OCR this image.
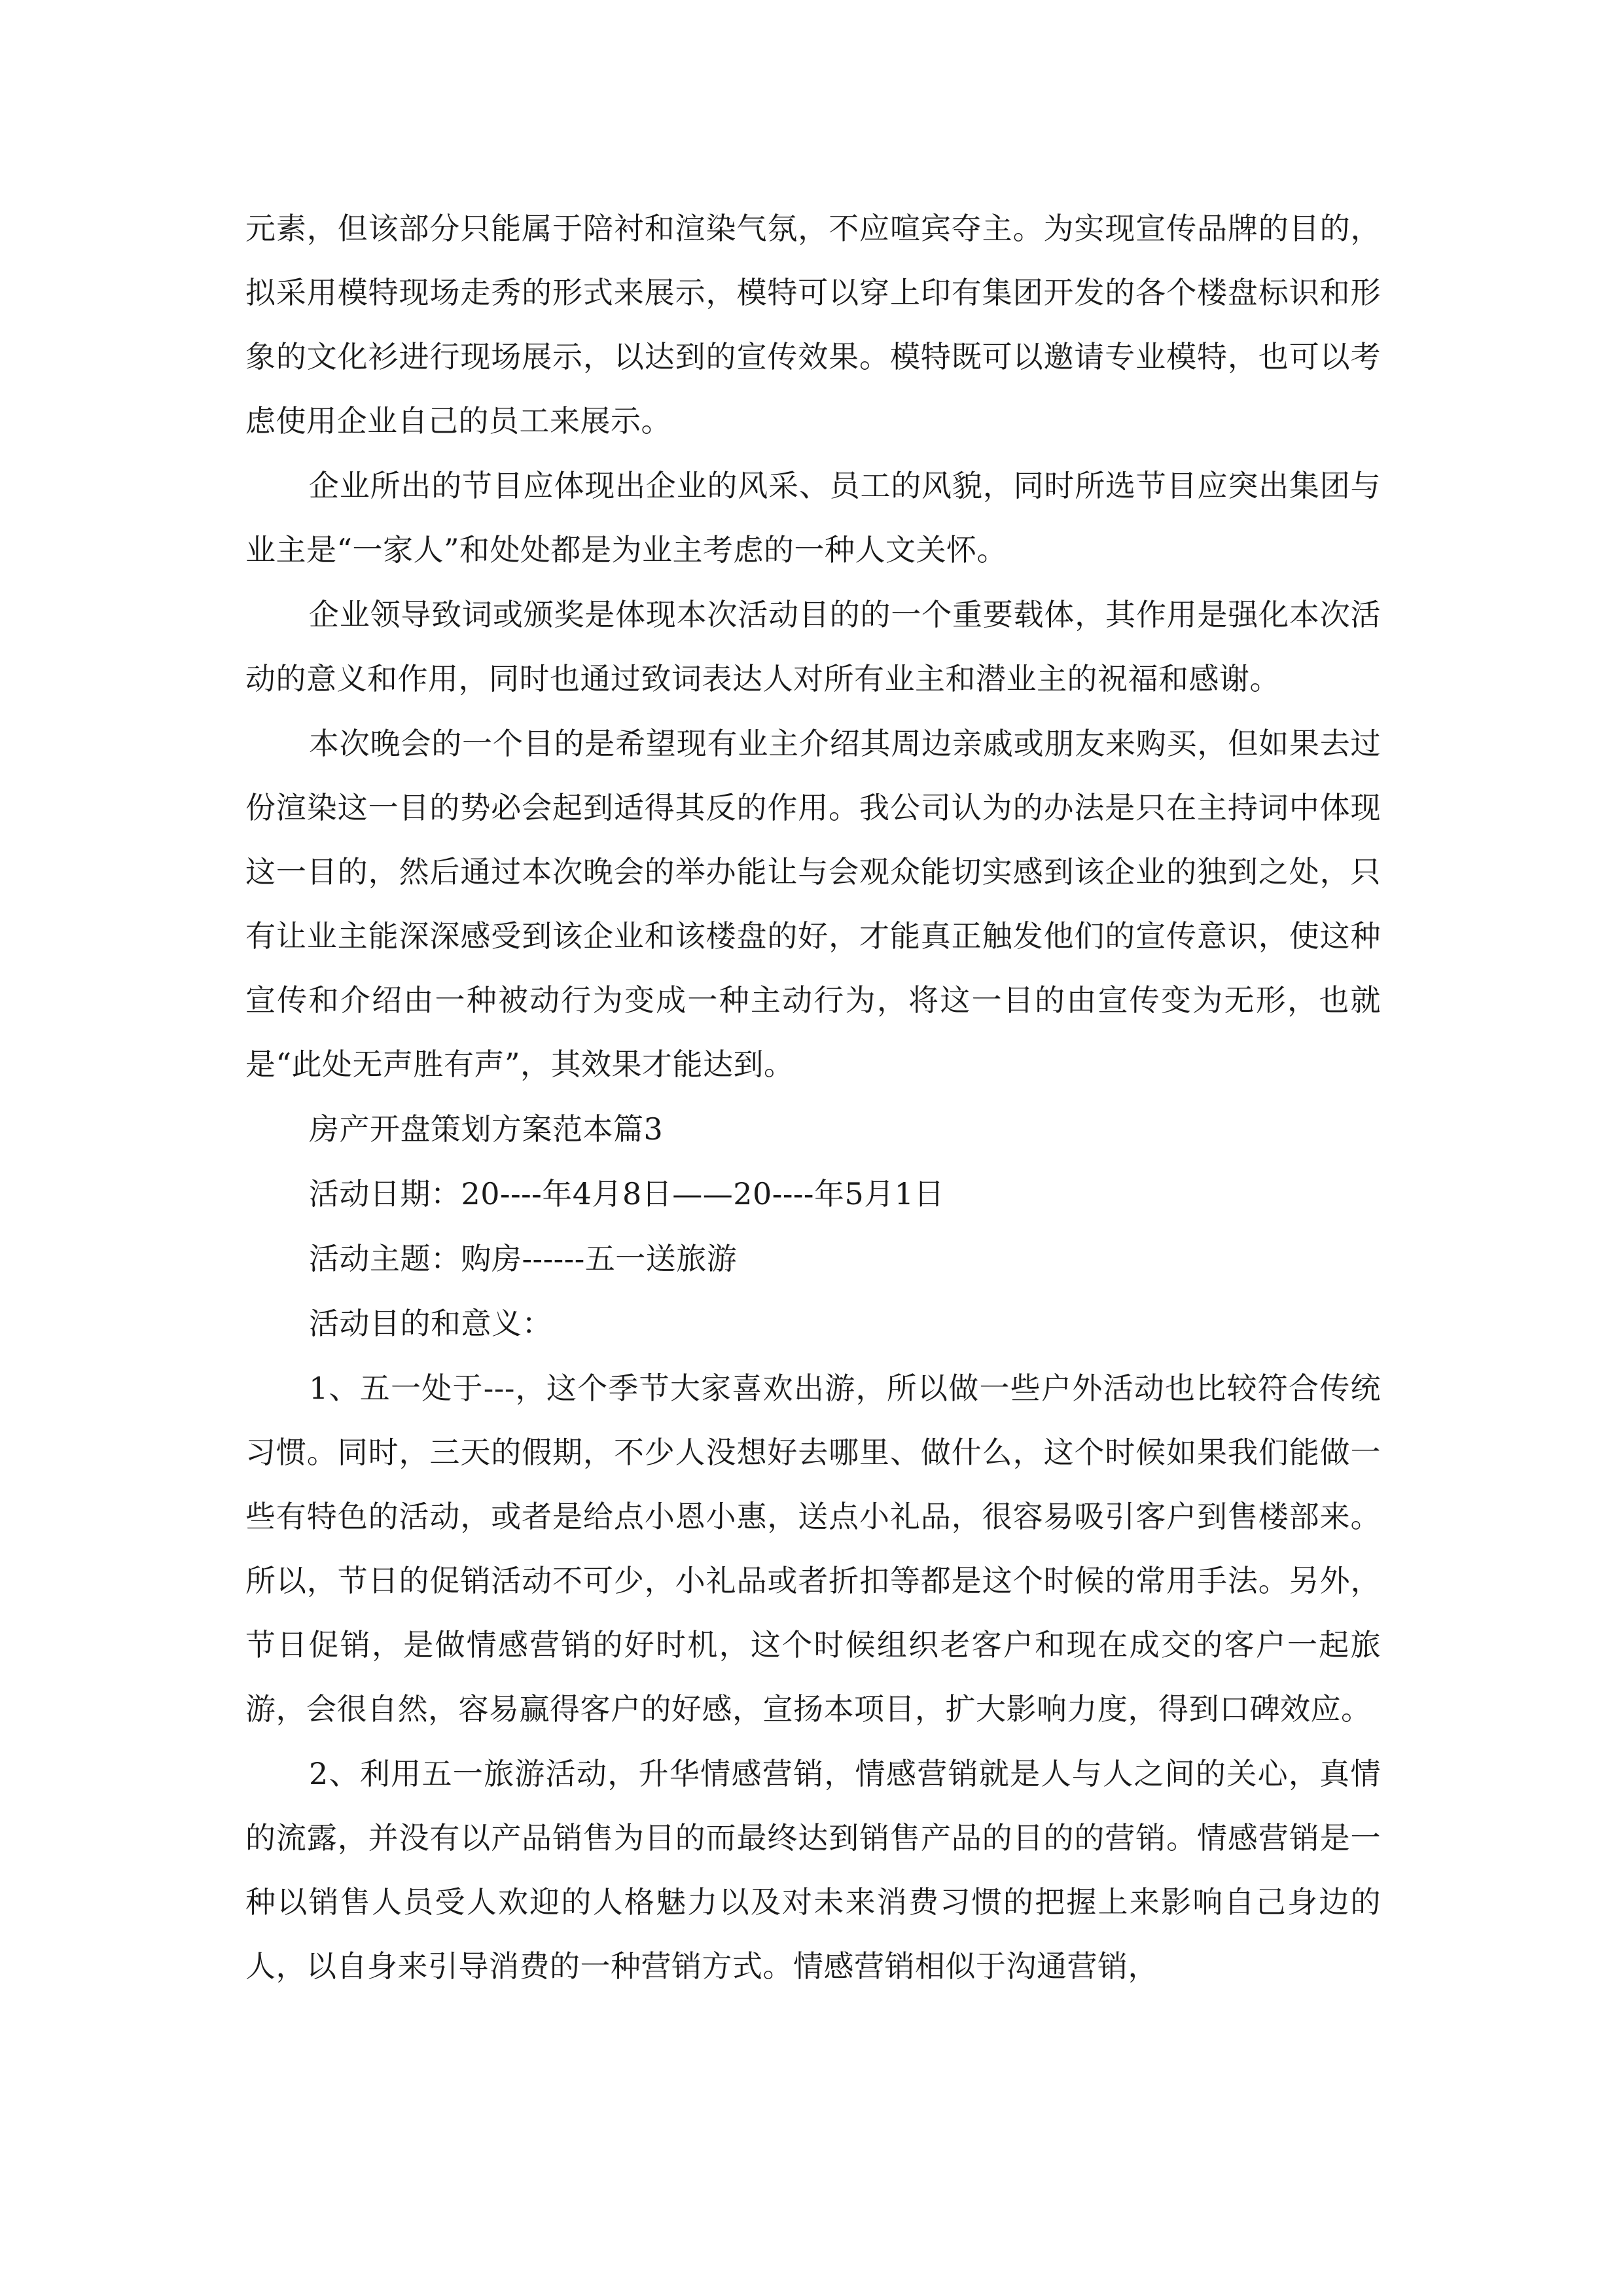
元素，但该部分只能属于陪衬和渲染气氛，不应喧宾夺主。为实现宣传品牌的目的，拟采用模特现场走秀的形式来展示，模特可以穿上印有集团开发的各个楼盘标识和形象的文化衫进行现场展示，以达到的宣传效果。模特既可以邀请专业模特，也可以考虑使用企业自己的员工来展示。

企业所出的节目应体现出企业的风采、员工的风貌，同时所选节目应突出集团与业主是“一家人”和处处都是为业主考虑的一种人文关怀。

企业领导致词或颁奖是体现本次活动目的的一个重要载体，其作用是强化本次活动的意义和作用，同时也通过致词表达人对所有业主和潜业主的祝福和感谢。

本次晚会的一个目的是希望现有业主介绍其周边亲戚或朋友来购买，但如果去过份渲染这一目的势必会起到适得其反的作用。我公司认为的办法是只在主持词中体现这一目的，然后通过本次晚会的举办能让与会观众能切实感到该企业的独到之处，只有让业主能深深感受到该企业和该楼盘的好，才能真正触发他们的宣传意识，使这种宣传和介绍由一种被动行为变成一种主动行为，将这一目的由宣传变为无形，也就是“此处无声胜有声”，其效果才能达到。

房产开盘策划方案范本篇3

活动日期：20----年4月8日——20----年5月1日

活动主题：购房------五一送旅游

活动目的和意义：

1、五一处于---，这个季节大家喜欢出游，所以做一些户外活动也比较符合传统习惯。同时，三天的假期，不少人没想好去哪里、做什么，这个时候如果我们能做一些有特色的活动，或者是给点小恩小惠，送点小礼品，很容易吸引客户到售楼部来。所以，节日的促销活动不可少，小礼品或者折扣等都是这个时候的常用手法。另外，节日促销，是做情感营销的好时机，这个时候组织老客户和现在成交的客户一起旅游，会很自然，容易赢得客户的好感，宣扬本项目，扩大影响力度，得到口碑效应。

2、利用五一旅游活动，升华情感营销，情感营销就是人与人之间的关心，真情的流露，并没有以产品销售为目的而最终达到销售产品的目的的营销。情感营销是一种以销售人员受人欢迎的人格魅力以及对未来消费习惯的把握上来影响自己身边的人，以自身来引导消费的一种营销方式。情感营销相似于沟通营销，
